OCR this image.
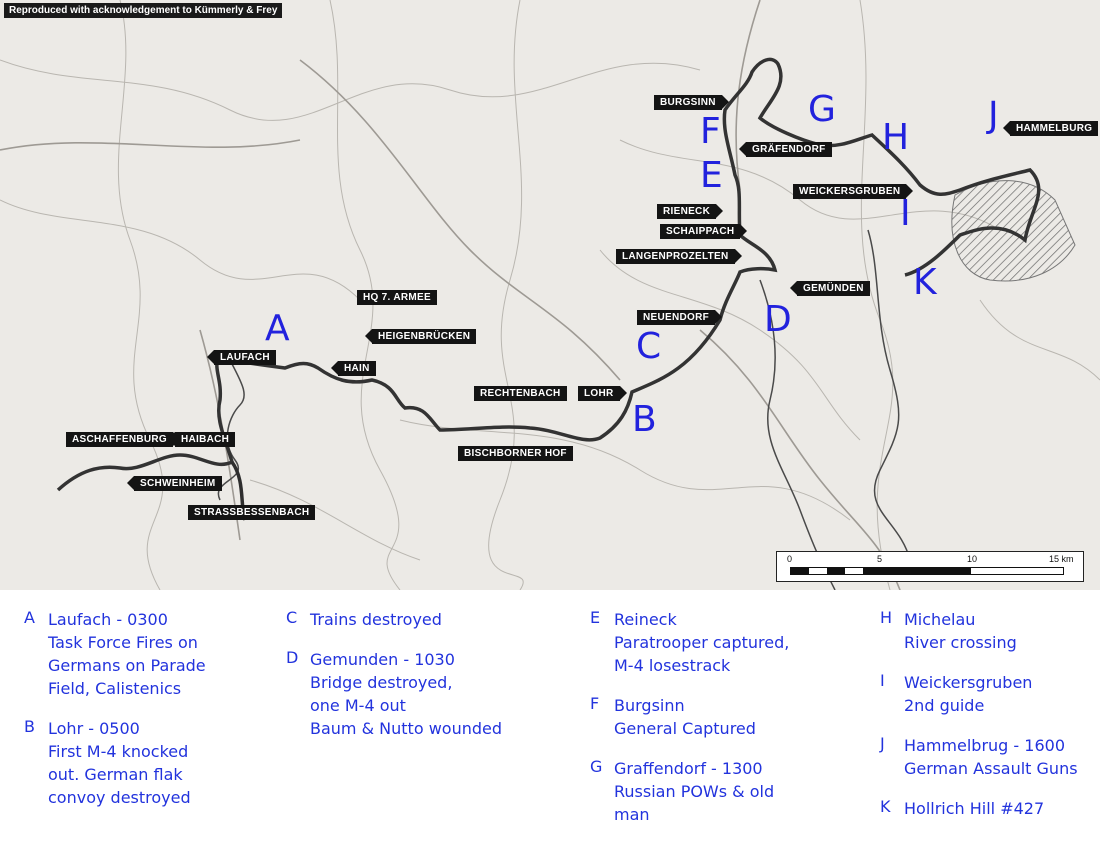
Reproduced with acknowledgement to Kümmerly & Frey
LAUFACH
HAIN
HQ 7. ARMEE
HEIGENBRÜCKEN
RECHTENBACH	LOHR
BISCHBORNER HOF
NEUENDORF
ASCHAFFENBURG	HAIBACH
SCHWEINHEIM
STRASSBESSENBACH
BURGSINN
GRÄFENDORF
RIENECK
SCHAIPPACH
LANGENPROZELTEN
GEMÜNDEN
WEICKERSGRUBEN
HAMMELBURG
A
B
C
D
E
F
G
H
I
J
K
0	5	10	15 km
A Laufach - 0300
Task Force Fires on
Germans on Parade
Field, Calistenics
B Lohr - 0500
First M-4 knocked
out. German flak
convoy destroyed
C Trains destroyed
D Gemunden - 1030
Bridge destroyed,
one M-4 out
Baum & Nutto wounded
E Reineck
Paratrooper captured,
M-4 losestrack
F Burgsinn
General Captured
G Graffendorf - 1300
Russian POWs & old
man
H Michelau
River crossing
I Weickersgruben
2nd guide
J Hammelbrug - 1600
German Assault Guns
K Hollrich Hill #427
